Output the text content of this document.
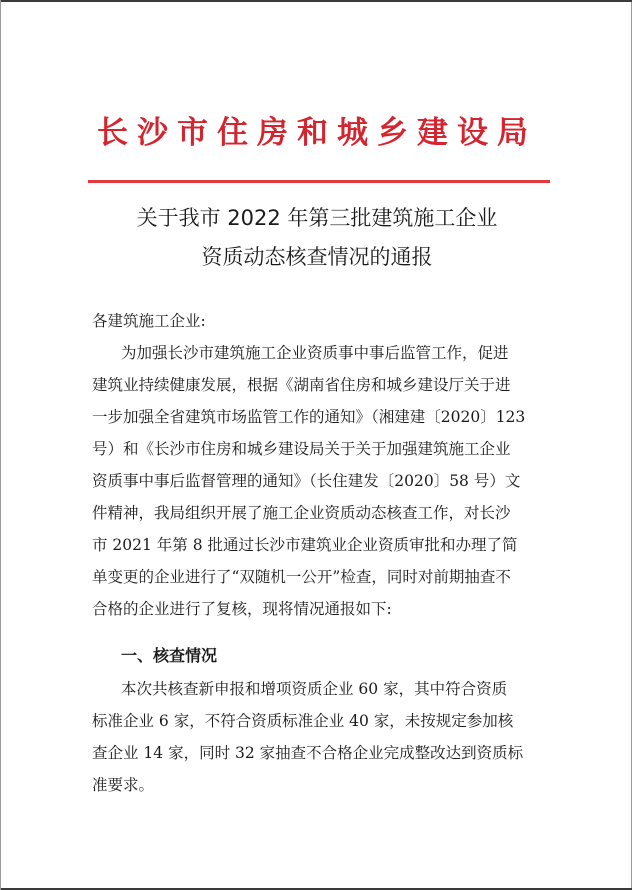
长沙市住房和城乡建设局
关于我市 2022 年第三批建筑施工企业
资质动态核查情况的通报
各建筑施工企业:
为加强长沙市建筑施工企业资质事中事后监管工作，促进
建筑业持续健康发展，根据《湖南省住房和城乡建设厅关于进
一步加强全省建筑市场监管工作的通知》（湘建建〔2020〕123
号）和《长沙市住房和城乡建设局关于关于加强建筑施工企业
资质事中事后监督管理的通知》（长住建发〔2020〕58 号）文
件精神，我局组织开展了施工企业资质动态核查工作，对长沙
市 2021 年第 8 批通过长沙市建筑业企业资质审批和办理了简
单变更的企业进行了“双随机一公开”检查，同时对前期抽查不
合格的企业进行了复核，现将情况通报如下:
一、核查情况
本次共核查新申报和增项资质企业 60 家，其中符合资质
标准企业 6 家，不符合资质标准企业 40 家，未按规定参加核
查企业 14 家，同时 32 家抽查不合格企业完成整改达到资质标
准要求。
